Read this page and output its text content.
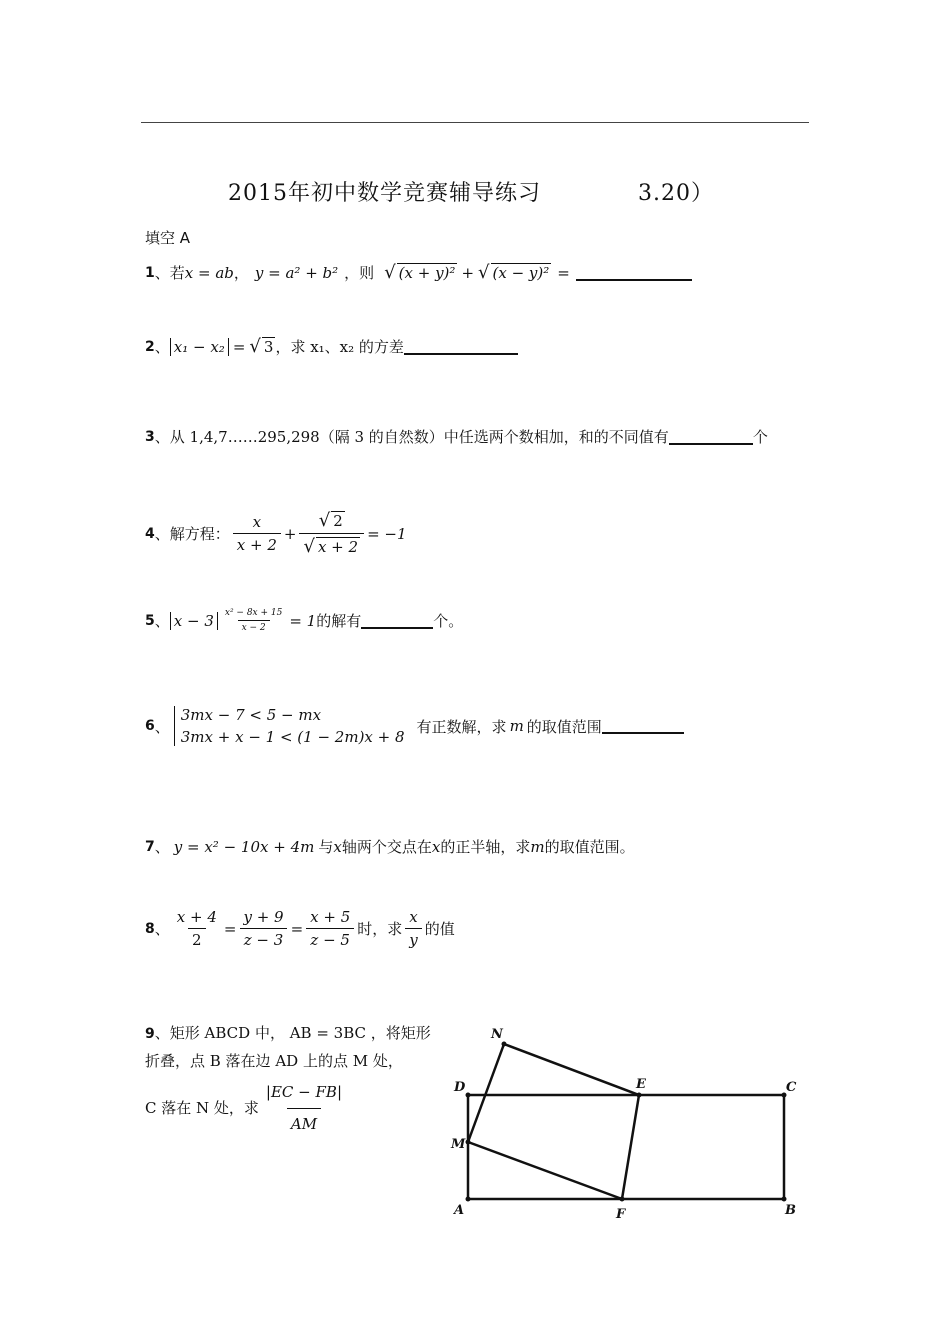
2015年初中数学竞赛辅导练习	3.20）
填空 A
1 、 若 x = ab ， y = a² + b² ，则 √ (x + y)² + √ (x − y)² =
2 、 x₁ − x₂ = √ 3 ，求 x₁、x₂ 的方差
3 、 从 1,4,7……295,298（隔 3 的自然数）中任选两个数相加，和的不同值有	个
4 、 解方程： $\frac{x}{x + 2} + \frac{√ 2}{√ x + 2} = -1$
5 、 $x - 3 \frac{\text{x² − 8x + 15}}{x - 2} = 1$ 的解有	个。
6 、
3mx − 7 < 5 − mx
3mx + x − 1 < (1 − 2m)x + 8
有正数解，求 m 的取值范围
7 、 y = x² − 10x + 4m 与 x 轴两个交点在 x 的正半轴，求 m 的取值范围。
8 、 $\frac{x + 4}{2} = \frac{y + 9}{z - 3} = \frac{x + 5}{z - 5}$ 时，求 $\frac{x}{y}$ 的值
9、矩形 ABCD 中， AB = 3BC ，将矩形折叠，点 B 落在边 AD 上的点 M 处，
C 落在 N 处，求 $\frac{|EC - FB|}{AM}$
N
E
D	C
M
A	F	B
